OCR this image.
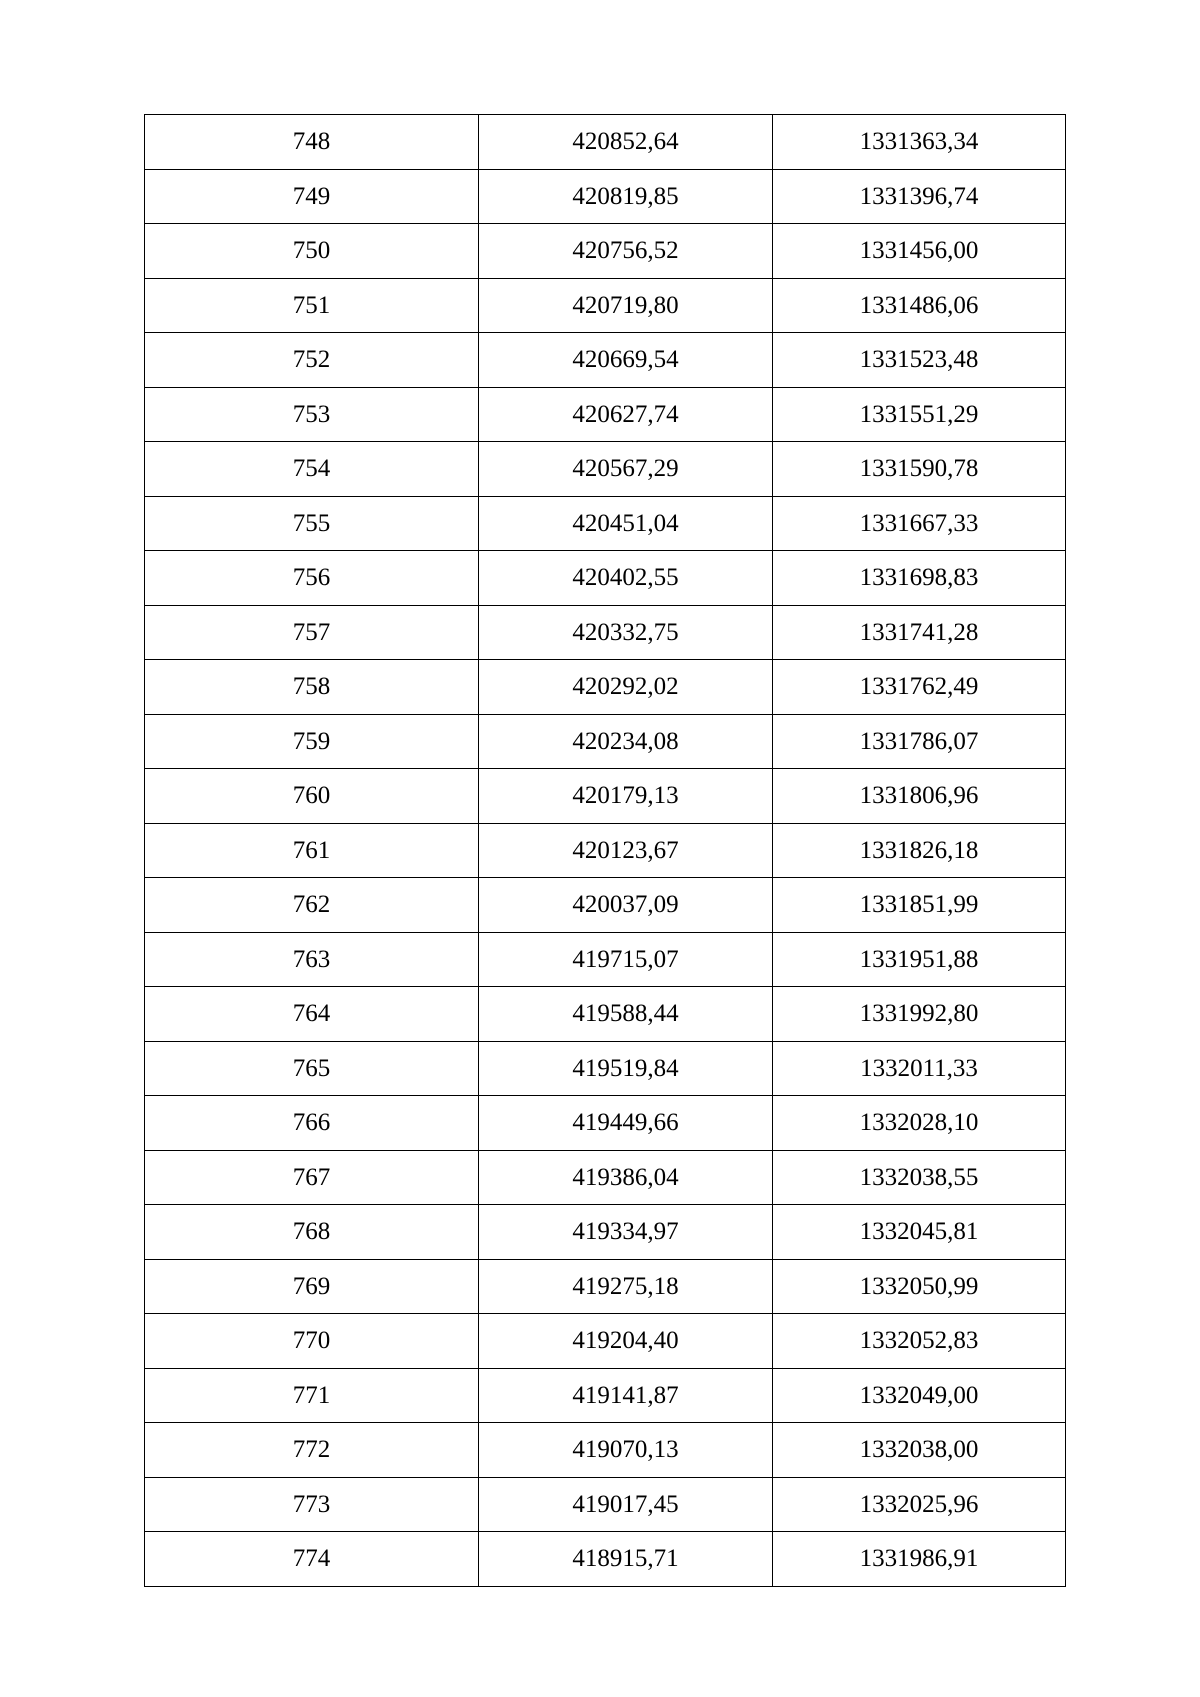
748	420852,64	1331363,34
749	420819,85	1331396,74
750	420756,52	1331456,00
751	420719,80	1331486,06
752	420669,54	1331523,48
753	420627,74	1331551,29
754	420567,29	1331590,78
755	420451,04	1331667,33
756	420402,55	1331698,83
757	420332,75	1331741,28
758	420292,02	1331762,49
759	420234,08	1331786,07
760	420179,13	1331806,96
761	420123,67	1331826,18
762	420037,09	1331851,99
763	419715,07	1331951,88
764	419588,44	1331992,80
765	419519,84	1332011,33
766	419449,66	1332028,10
767	419386,04	1332038,55
768	419334,97	1332045,81
769	419275,18	1332050,99
770	419204,40	1332052,83
771	419141,87	1332049,00
772	419070,13	1332038,00
773	419017,45	1332025,96
774	418915,71	1331986,91
